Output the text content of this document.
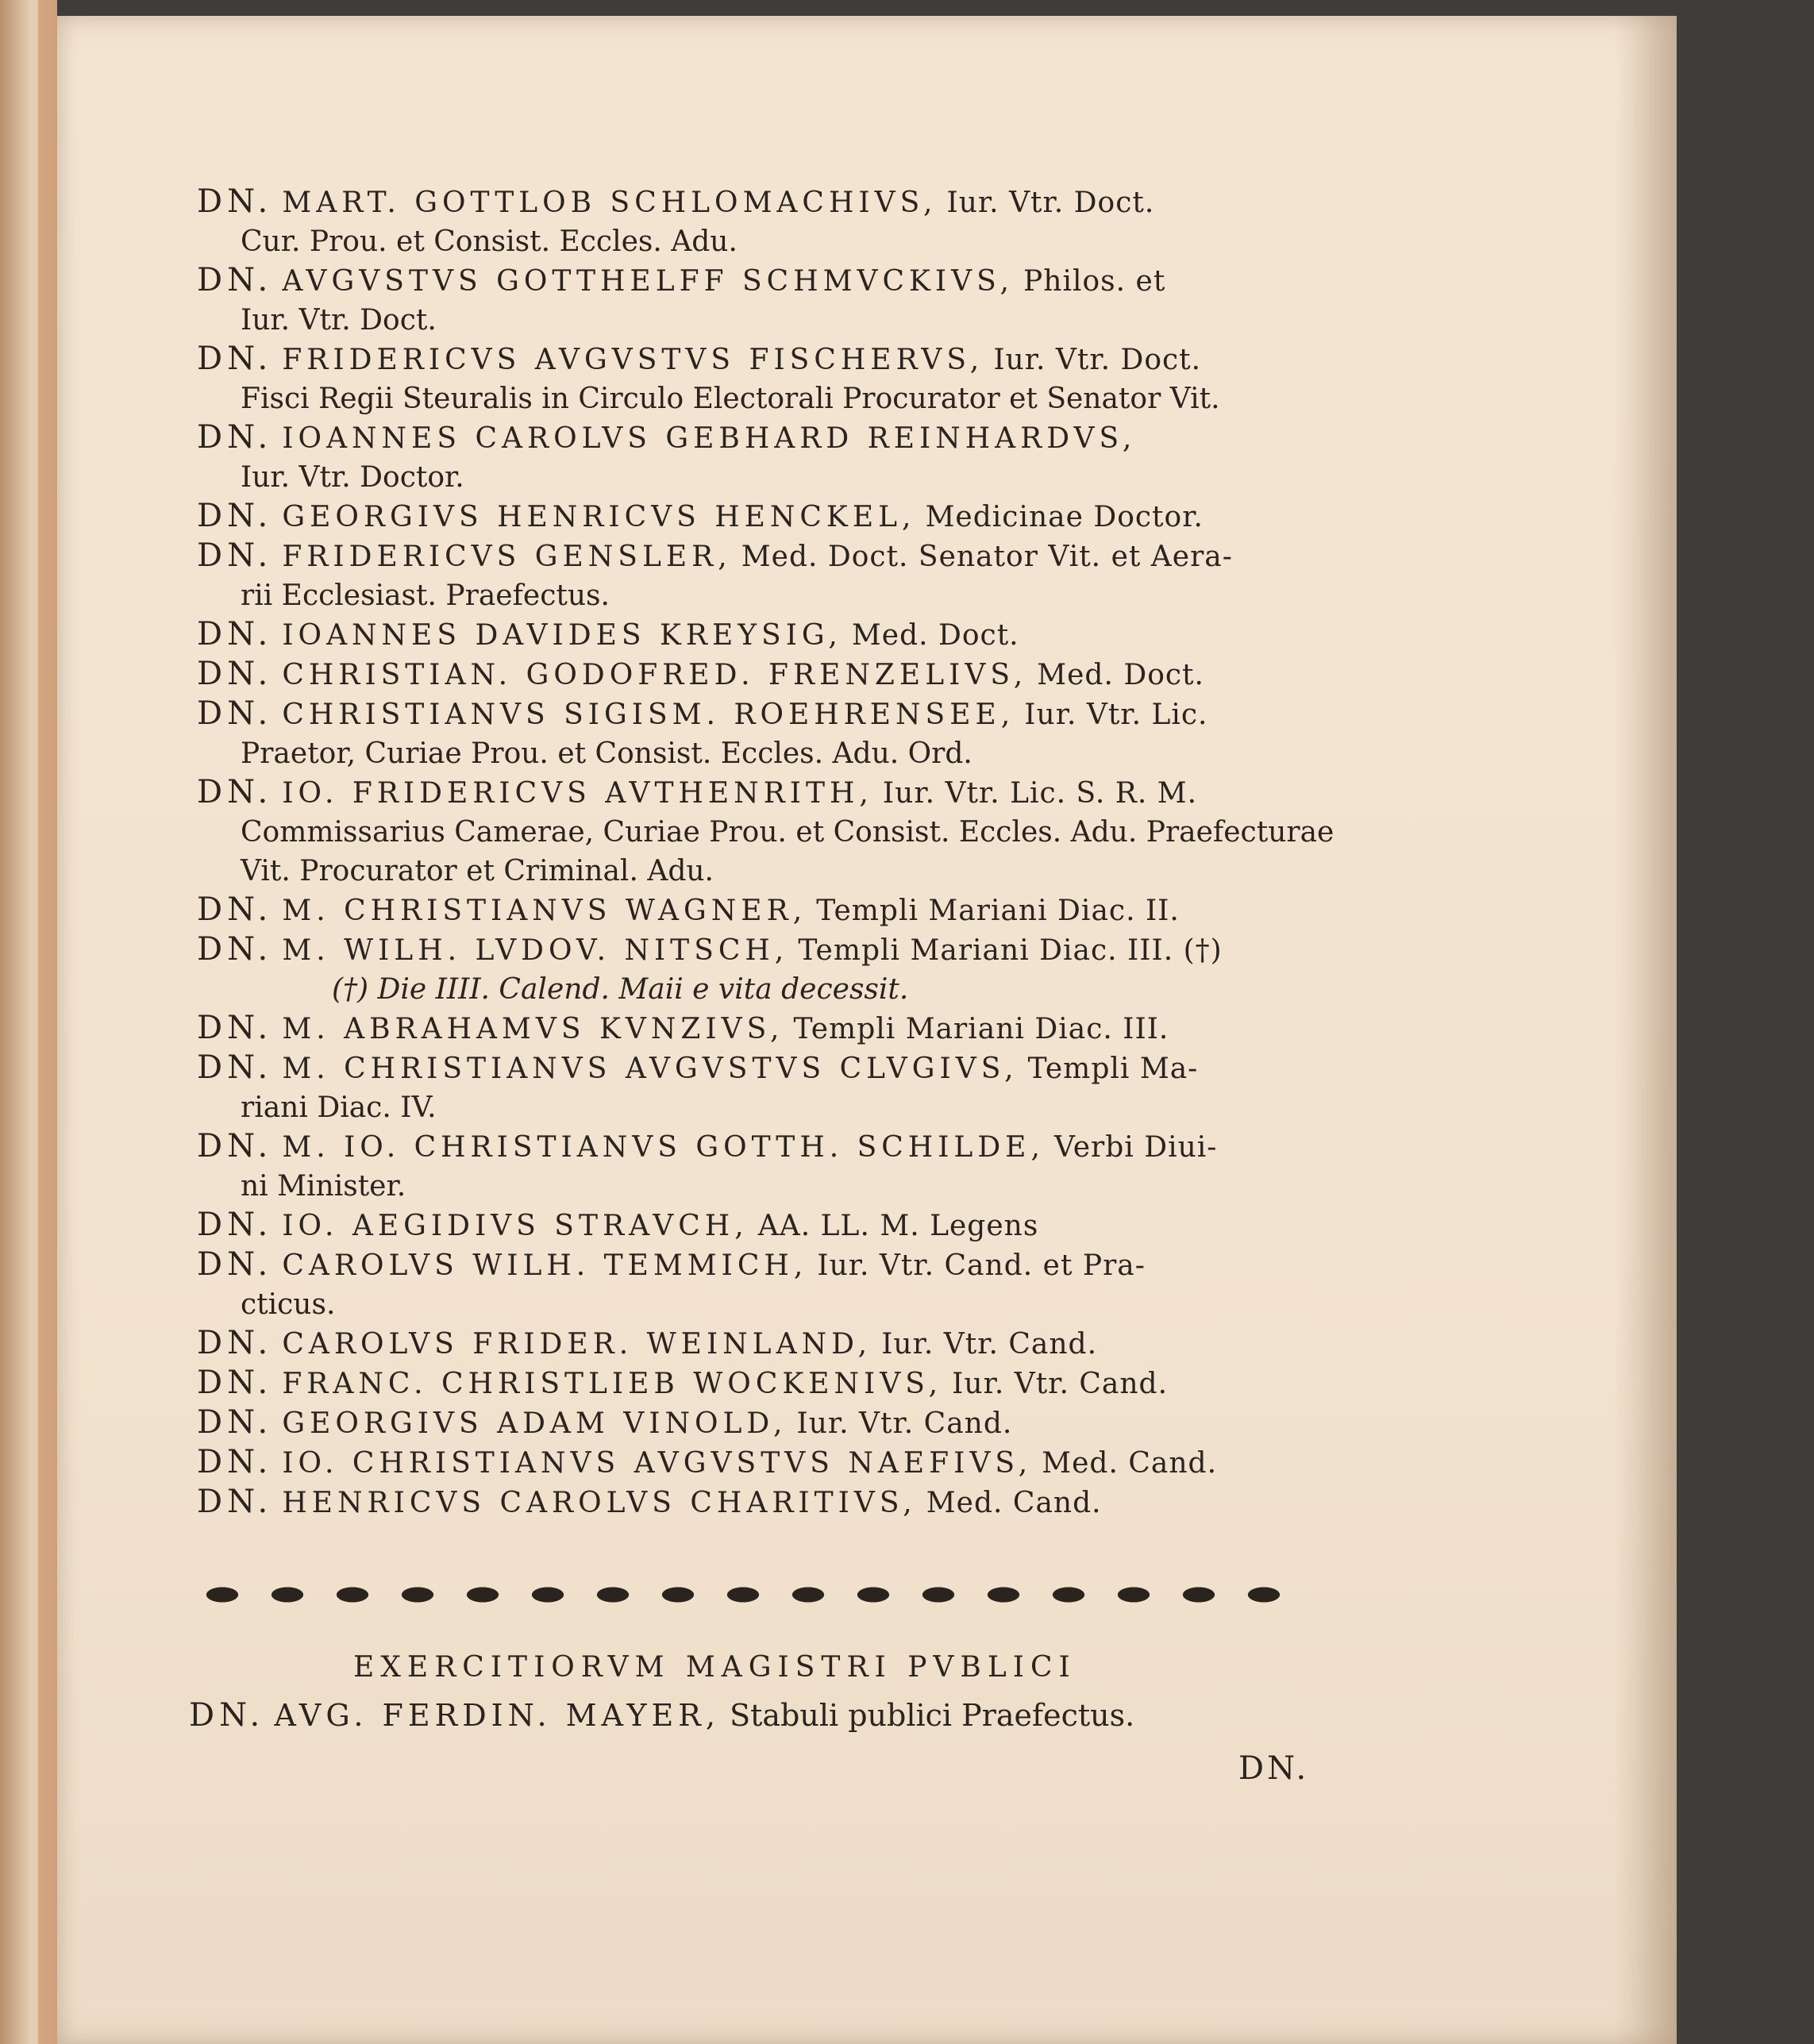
DN. MART. GOTTLOB SCHLOMACHIVS, Iur. Vtr. Doct.
Cur. Prou. et Consist. Eccles. Adu.
DN. AVGVSTVS GOTTHELFF SCHMVCKIVS, Philos. et
Iur. Vtr. Doct.
DN. FRIDERICVS AVGVSTVS FISCHERVS, Iur. Vtr. Doct.
Fisci Regii Steuralis in Circulo Electorali Procurator et Senator Vit.
DN. IOANNES CAROLVS GEBHARD REINHARDVS,
Iur. Vtr. Doctor.
DN. GEORGIVS HENRICVS HENCKEL, Medicinae Doctor.
DN. FRIDERICVS GENSLER, Med. Doct. Senator Vit. et Aera-
rii Ecclesiast. Praefectus.
DN. IOANNES DAVIDES KREYSIG, Med. Doct.
DN. CHRISTIAN. GODOFRED. FRENZELIVS, Med. Doct.
DN. CHRISTIANVS SIGISM. ROEHRENSEE, Iur. Vtr. Lic.
Praetor, Curiae Prou. et Consist. Eccles. Adu. Ord.
DN. IO. FRIDERICVS AVTHENRITH, Iur. Vtr. Lic. S. R. M.
Commissarius Camerae, Curiae Prou. et Consist. Eccles. Adu. Praefecturae
Vit. Procurator et Criminal. Adu.
DN. M. CHRISTIANVS WAGNER, Templi Mariani Diac. II.
DN. M. WILH. LVDOV. NITSCH, Templi Mariani Diac. III. (†)
(†) Die IIII. Calend. Maii e vita decessit.
DN. M. ABRAHAMVS KVNZIVS, Templi Mariani Diac. III.
DN. M. CHRISTIANVS AVGVSTVS CLVGIVS, Templi Ma-
riani Diac. IV.
DN. M. IO. CHRISTIANVS GOTTH. SCHILDE, Verbi Diui-
ni Minister.
DN. IO. AEGIDIVS STRAVCH, AA. LL. M. Legens
DN. CAROLVS WILH. TEMMICH, Iur. Vtr. Cand. et Pra-
cticus.
DN. CAROLVS FRIDER. WEINLAND, Iur. Vtr. Cand.
DN. FRANC. CHRISTLIEB WOCKENIVS, Iur. Vtr. Cand.
DN. GEORGIVS ADAM VINOLD, Iur. Vtr. Cand.
DN. IO. CHRISTIANVS AVGVSTVS NAEFIVS, Med. Cand.
DN. HENRICVS CAROLVS CHARITIVS, Med. Cand.
EXERCITIORVM MAGISTRI PVBLICI
DN. AVG. FERDIN. MAYER, Stabuli publici Praefectus.
DN.
